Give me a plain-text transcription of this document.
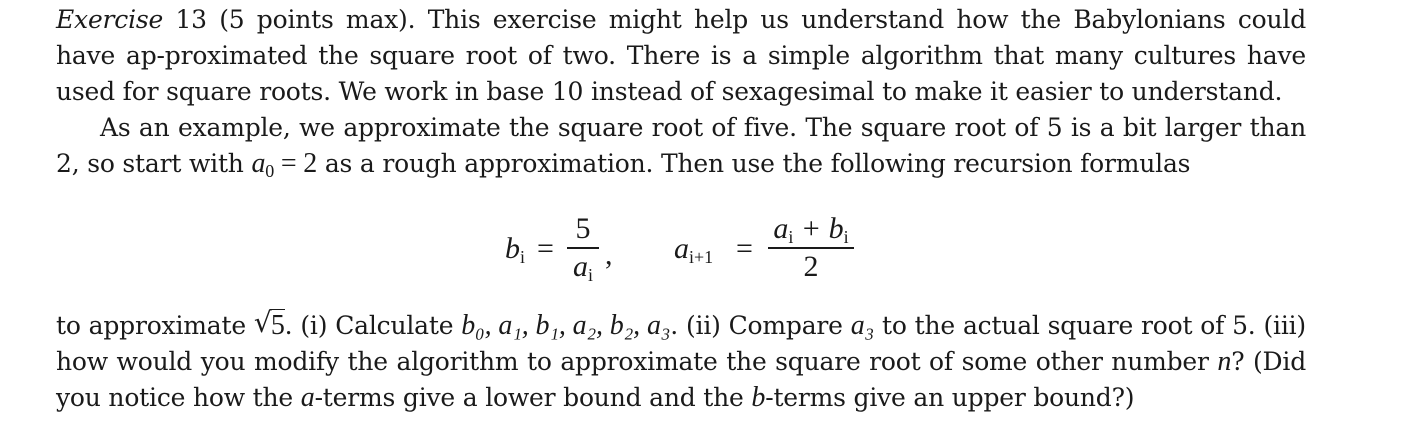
Exercise 13 (5 points max). This exercise might help us understand how the Babylonians could have ap-proximated the square root of two. There is a simple algorithm that many cultures have used for square roots. We work in base 10 instead of sexagesimal to make it easier to understand.

As an example, we approximate the square root of five. The square root of 5 is a bit larger than 2, so start with $a_0 = 2$ as a rough approximation. Then use the following recursion formulas

$b_i$ =
5
$a_i$
, $a_{i+1}$ =
$a_i + b_i$
2

to approximate √ 5. (i) Calculate b₀, a₁, b₁, a₂, b₂, a₃. (ii) Compare a₃ to the actual square root of 5. (iii) how would you modify the algorithm to approximate the square root of some other number n? (Did you notice how the a-terms give a lower bound and the b-terms give an upper bound?)
